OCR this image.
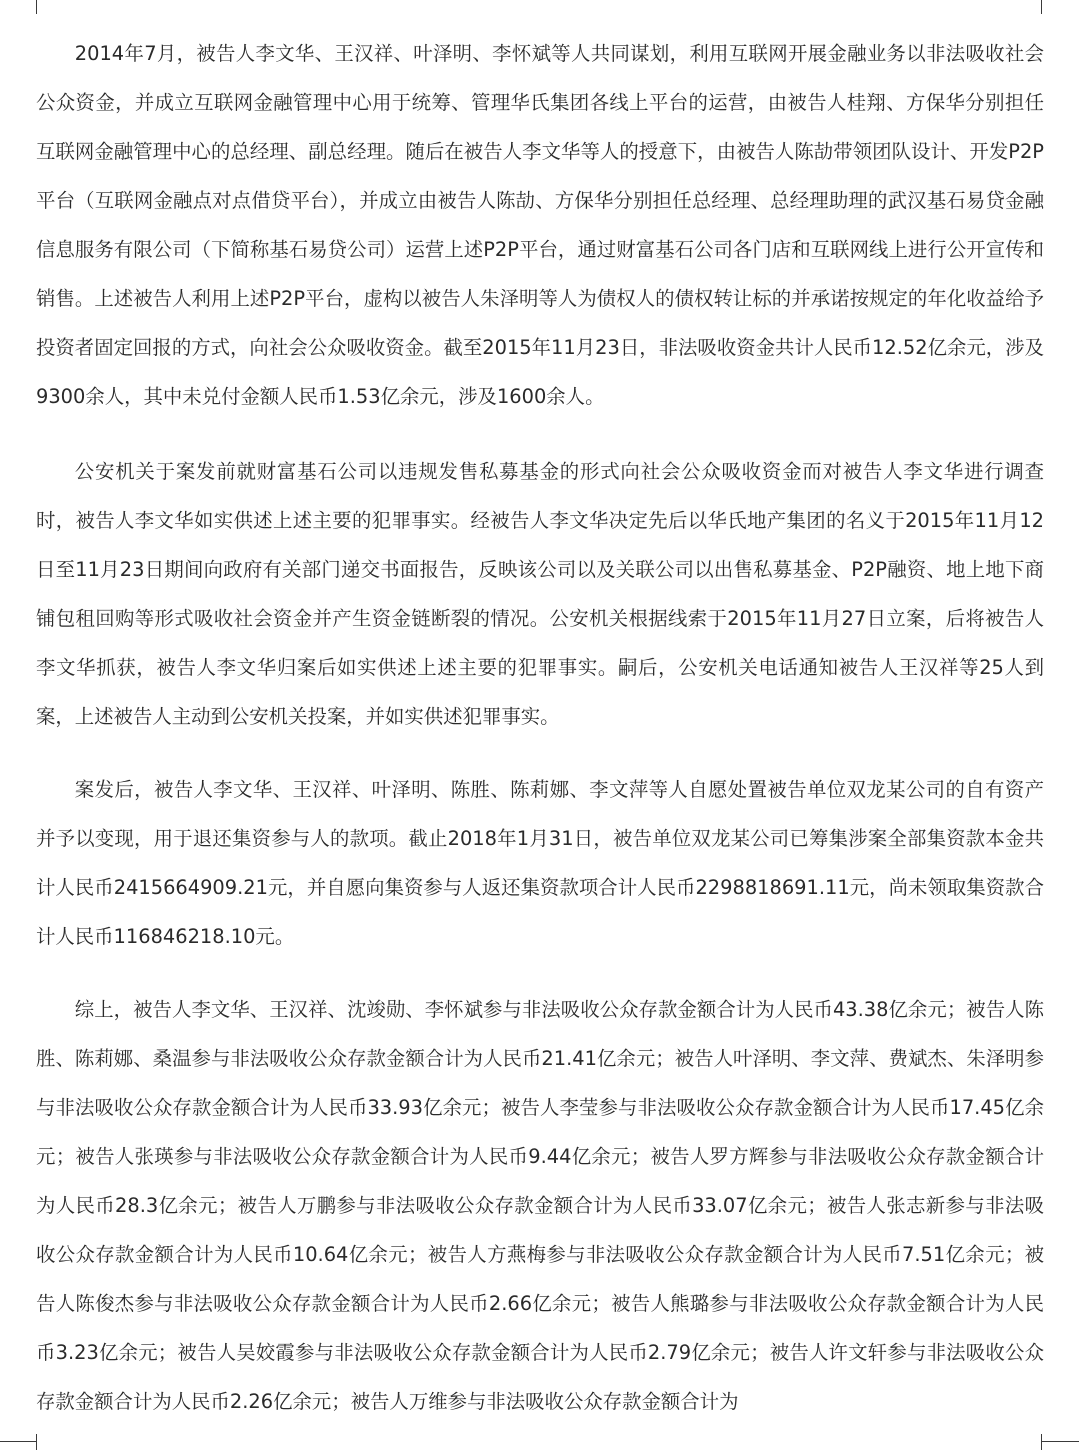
2014年7月，被告人李文华、王汉祥、叶泽明、李怀斌等人共同谋划，利用互联网开展金融业务以非法吸收社会公众资金，并成立互联网金融管理中心用于统筹、管理华氏集团各线上平台的运营，由被告人桂翔、方保华分别担任互联网金融管理中心的总经理、副总经理。随后在被告人李文华等人的授意下，由被告人陈劼带领团队设计、开发P2P平台（互联网金融点对点借贷平台），并成立由被告人陈劼、方保华分别担任总经理、总经理助理的武汉基石易贷金融信息服务有限公司（下简称基石易贷公司）运营上述P2P平台，通过财富基石公司各门店和互联网线上进行公开宣传和销售。上述被告人利用上述P2P平台，虚构以被告人朱泽明等人为债权人的债权转让标的并承诺按规定的年化收益给予投资者固定回报的方式，向社会公众吸收资金。截至2015年11月23日，非法吸收资金共计人民币12.52亿余元，涉及9300余人，其中未兑付金额人民币1.53亿余元，涉及1600余人。

公安机关于案发前就财富基石公司以违规发售私募基金的形式向社会公众吸收资金而对被告人李文华进行调查时，被告人李文华如实供述上述主要的犯罪事实。经被告人李文华决定先后以华氏地产集团的名义于2015年11月12日至11月23日期间向政府有关部门递交书面报告，反映该公司以及关联公司以出售私募基金、P2P融资、地上地下商铺包租回购等形式吸收社会资金并产生资金链断裂的情况。公安机关根据线索于2015年11月27日立案，后将被告人李文华抓获，被告人李文华归案后如实供述上述主要的犯罪事实。嗣后，公安机关电话通知被告人王汉祥等25人到案，上述被告人主动到公安机关投案，并如实供述犯罪事实。

案发后，被告人李文华、王汉祥、叶泽明、陈胜、陈莉娜、李文萍等人自愿处置被告单位双龙某公司的自有资产并予以变现，用于退还集资参与人的款项。截止2018年1月31日，被告单位双龙某公司已筹集涉案全部集资款本金共计人民币2415664909.21元，并自愿向集资参与人返还集资款项合计人民币2298818691.11元，尚未领取集资款合计人民币116846218.10元。

综上，被告人李文华、王汉祥、沈竣勋、李怀斌参与非法吸收公众存款金额合计为人民币43.38亿余元；被告人陈胜、陈莉娜、桑温参与非法吸收公众存款金额合计为人民币21.41亿余元；被告人叶泽明、李文萍、费斌杰、朱泽明参与非法吸收公众存款金额合计为人民币33.93亿余元；被告人李莹参与非法吸收公众存款金额合计为人民币17.45亿余元；被告人张瑛参与非法吸收公众存款金额合计为人民币9.44亿余元；被告人罗方辉参与非法吸收公众存款金额合计为人民币28.3亿余元；被告人万鹏参与非法吸收公众存款金额合计为人民币33.07亿余元；被告人张志新参与非法吸收公众存款金额合计为人民币10.64亿余元；被告人方燕梅参与非法吸收公众存款金额合计为人民币7.51亿余元；被告人陈俊杰参与非法吸收公众存款金额合计为人民币2.66亿余元；被告人熊璐参与非法吸收公众存款金额合计为人民币3.23亿余元；被告人吴姣霞参与非法吸收公众存款金额合计为人民币2.79亿余元；被告人许文轩参与非法吸收公众存款金额合计为人民币2.26亿余元；被告人万维参与非法吸收公众存款金额合计为
